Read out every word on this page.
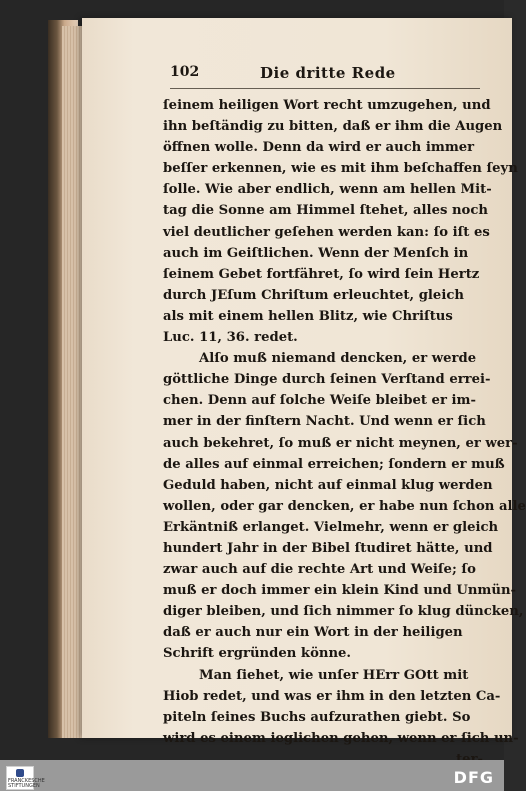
102	Die dritte Rede
ſeinem heiligen Wort recht umzugehen, und
ihn beſtändig zu bitten, daß er ihm die Augen
öffnen wolle. Denn da wird er auch immer
beſſer erkennen, wie es mit ihm beſchaffen ſeyn
ſolle. Wie aber endlich, wenn am hellen Mit-
tag die Sonne am Himmel ſtehet, alles noch
viel deutlicher geſehen werden kan: ſo iſt es
auch im Geiſtlichen. Wenn der Menſch in
ſeinem Gebet fortfähret, ſo wird ſein Hertz
durch JEſum Chriſtum erleuchtet, gleich
als mit einem hellen Blitz, wie Chriſtus
Luc. 11, 36. redet.
Alſo muß niemand dencken, er werde
göttliche Dinge durch ſeinen Verſtand errei-
chen. Denn auf ſolche Weiſe bleibet er im-
mer in der finſtern Nacht. Und wenn er ſich
auch bekehret, ſo muß er nicht meynen, er wer-
de alles auf einmal erreichen; ſondern er muß
Geduld haben, nicht auf einmal klug werden
wollen, oder gar dencken, er habe nun ſchon alle
Erkäntniß erlanget. Vielmehr, wenn er gleich
hundert Jahr in der Bibel ſtudiret hätte, und
zwar auch auf die rechte Art und Weiſe; ſo
muß er doch immer ein klein Kind und Unmün-
diger bleiben, und ſich nimmer ſo klug düncken,
daß er auch nur ein Wort in der heiligen
Schrift ergründen könne.
Man ſiehet, wie unſer HErr GOtt mit
Hiob redet, und was er ihm in den letzten Ca-
piteln ſeines Buchs aufzurathen giebt. So
wird es einem ieglichen gehen, wenn er ſich un-
FRANCKESCHE STIFTUNGEN	DFG
